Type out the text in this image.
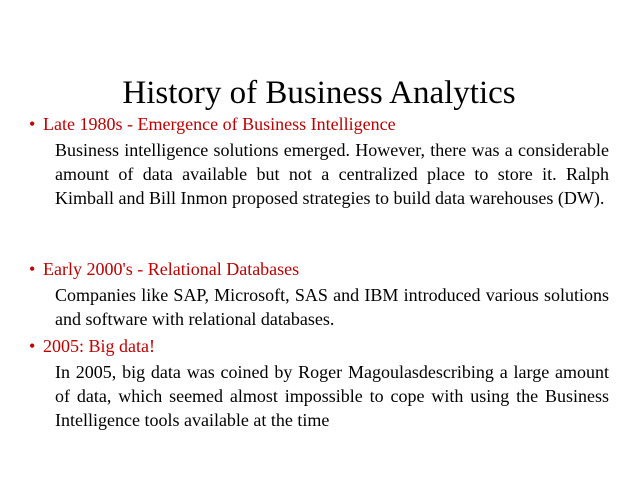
History of Business Analytics
• Late 1980s - Emergence of Business Intelligence
Business intelligence solutions emerged. However, there was a considerable amount of data available but not a centralized place to store it. Ralph Kimball and Bill Inmon proposed strategies to build data warehouses (DW).
• Early 2000's - Relational Databases
Companies like SAP, Microsoft, SAS and IBM introduced various solutions and software with relational databases.
• 2005: Big data!
In 2005, big data was coined by Roger Magoulasdescribing a large amount of data, which seemed almost impossible to cope with using the Business Intelligence tools available at the time
